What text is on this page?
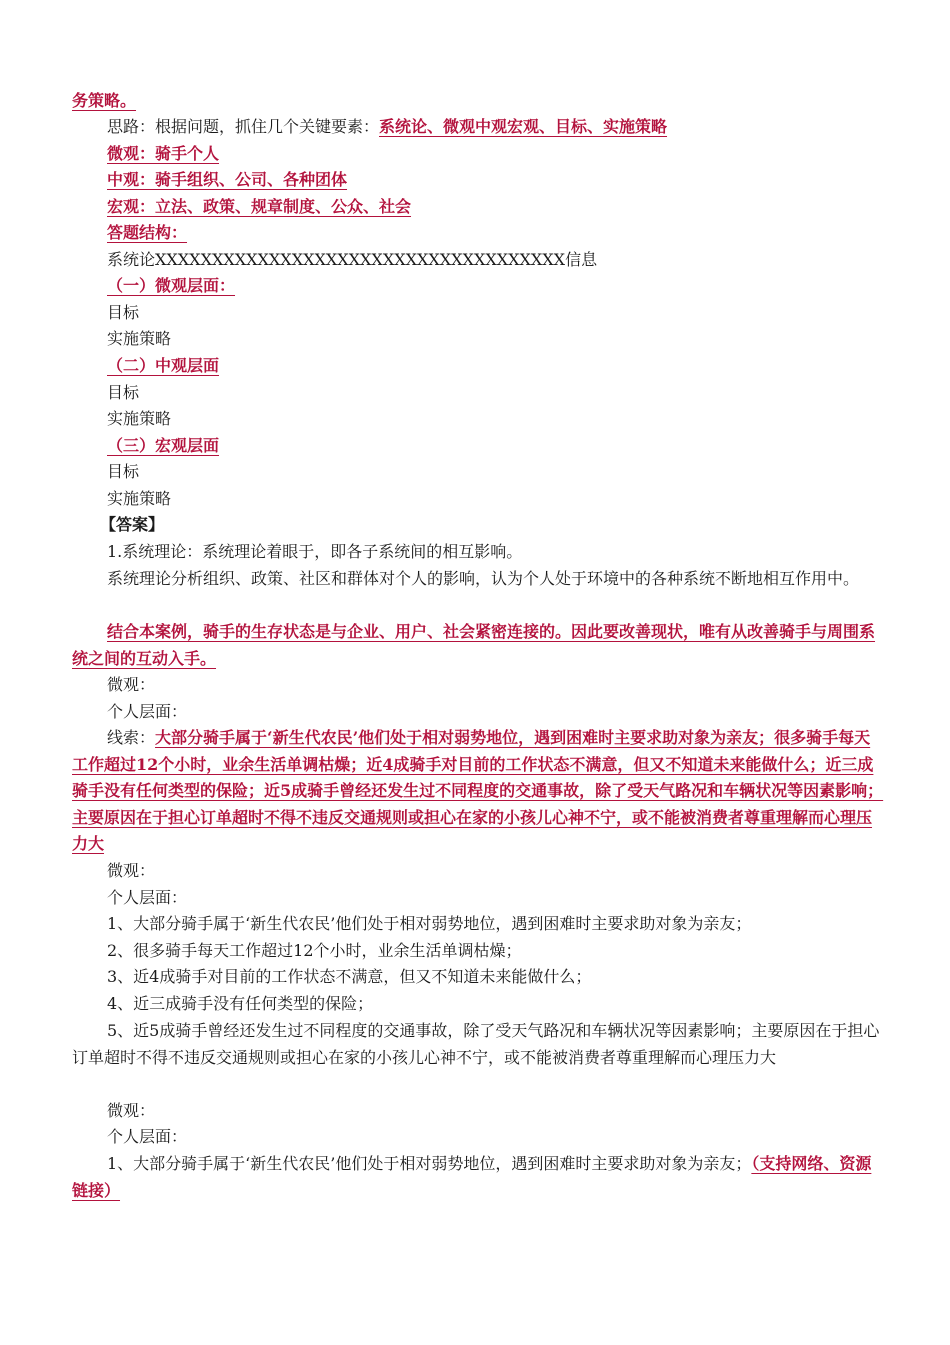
务策略。
思路：根据问题，抓住几个关键要素：系统论、微观中观宏观、目标、实施策略
微观：骑手个人
中观：骑手组织、公司、各种团体
宏观：立法、政策、规章制度、公众、社会
答题结构：
系统论XXXXXXXXXXXXXXXXXXXXXXXXXXXXXXXXXXXX信息
（一）微观层面：
目标
实施策略
（二）中观层面
目标
实施策略
（三）宏观层面
目标
实施策略
【答案】
1.系统理论：系统理论着眼于，即各子系统间的相互影响。
系统理论分析组织、政策、社区和群体对个人的影响，认为个人处于环境中的各种系统不断地相互作用中。
结合本案例，骑手的生存状态是与企业、用户、社会紧密连接的。因此要改善现状，唯有从改善骑手与周围系统之间的互动入手。
微观：
个人层面：
线索：大部分骑手属于‘新生代农民’他们处于相对弱势地位，遇到困难时主要求助对象为亲友；很多骑手每天工作超过12个小时，业余生活单调枯燥；近4成骑手对目前的工作状态不满意，但又不知道未来能做什么；近三成骑手没有任何类型的保险；近5成骑手曾经还发生过不同程度的交通事故，除了受天气路况和车辆状况等因素影响；主要原因在于担心订单超时不得不违反交通规则或担心在家的小孩儿心神不宁，或不能被消费者尊重理解而心理压力大
微观：
个人层面：
1、大部分骑手属于‘新生代农民’他们处于相对弱势地位，遇到困难时主要求助对象为亲友；
2、很多骑手每天工作超过12个小时，业余生活单调枯燥；
3、近4成骑手对目前的工作状态不满意，但又不知道未来能做什么；
4、近三成骑手没有任何类型的保险；
5、近5成骑手曾经还发生过不同程度的交通事故，除了受天气路况和车辆状况等因素影响；主要原因在于担心订单超时不得不违反交通规则或担心在家的小孩儿心神不宁，或不能被消费者尊重理解而心理压力大
微观：
个人层面：
1、大部分骑手属于‘新生代农民’他们处于相对弱势地位，遇到困难时主要求助对象为亲友；（支持网络、资源链接）
